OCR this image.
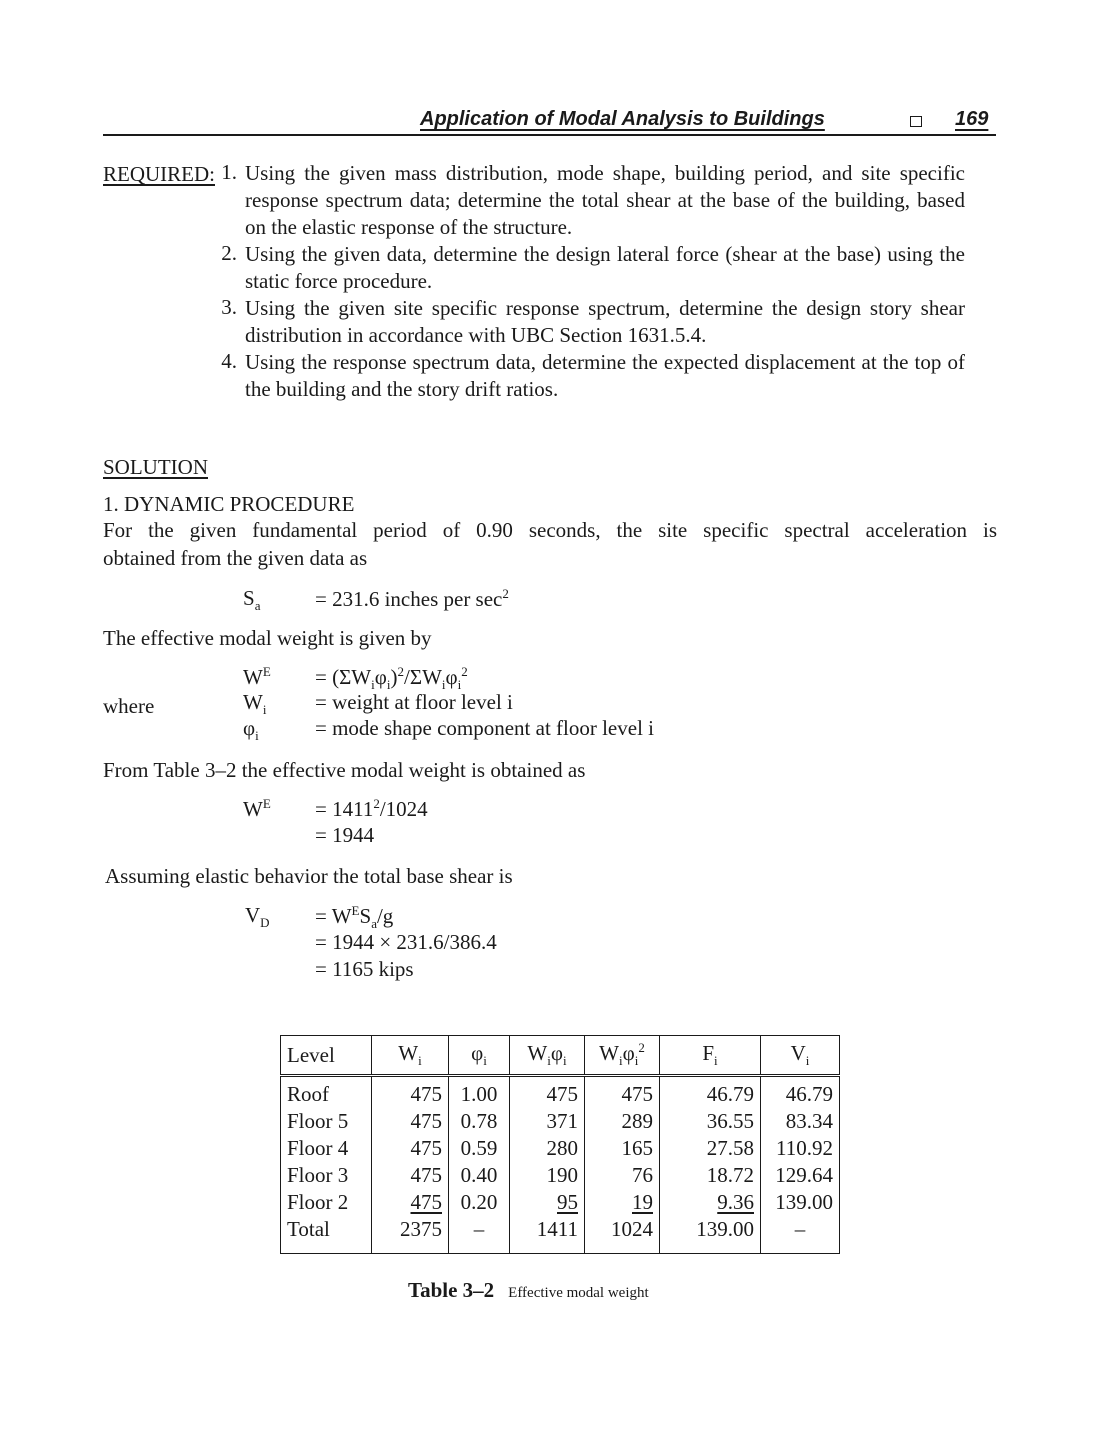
Application of Modal Analysis to Buildings	169
REQUIRED: 1. Using the given mass distribution, mode shape, building period, and site specific response spectrum data; determine the total shear at the base of the building, based on the elastic response of the structure.
2. Using the given data, determine the design lateral force (shear at the base) using the static force procedure.
3. Using the given site specific response spectrum, determine the design story shear distribution in accordance with UBC Section 1631.5.4.
4. Using the response spectrum data, determine the expected displacement at the top of the building and the story drift ratios.
SOLUTION
1. DYNAMIC PROCEDURE
For the given fundamental period of 0.90 seconds, the site specific spectral acceleration is
obtained from the given data as
$S_a$	= 231.6 inches per $\sec^2$
The effective modal weight is given by
$W^E = (\Sigma W_i\varphi_i)^2/\Sigma W_i\varphi_i^2$
where	$W_i$ = weight at floor level i
$\varphi_i$	= mode shape component at floor level i
From Table 3–2 the effective modal weight is obtained as
$W^E = 1411^2/1024$
= 1944
Assuming elastic behavior the total base shear is
$V_D = W^ES_a/g$
= 1944 × 231.6/386.4
= 1165 kips
Level	$W_i$	$\varphi_i$	$W_i\varphi_i$	$W_i\varphi_i^2$	$F_i$	$V_i$
Roof	475	1.00	475	475	46.79	46.79
Floor 5	475	0.78	371	289	36.55	83.34
Floor 4	475	0.59	280	165	27.58	110.92
Floor 3	475	0.40	190	76	18.72	129.64
Floor 2	475	0.20	95	19	9.36	139.00
Total	2375	–	1411	1024	139.00	–
Table 3–2 Effective modal weight
